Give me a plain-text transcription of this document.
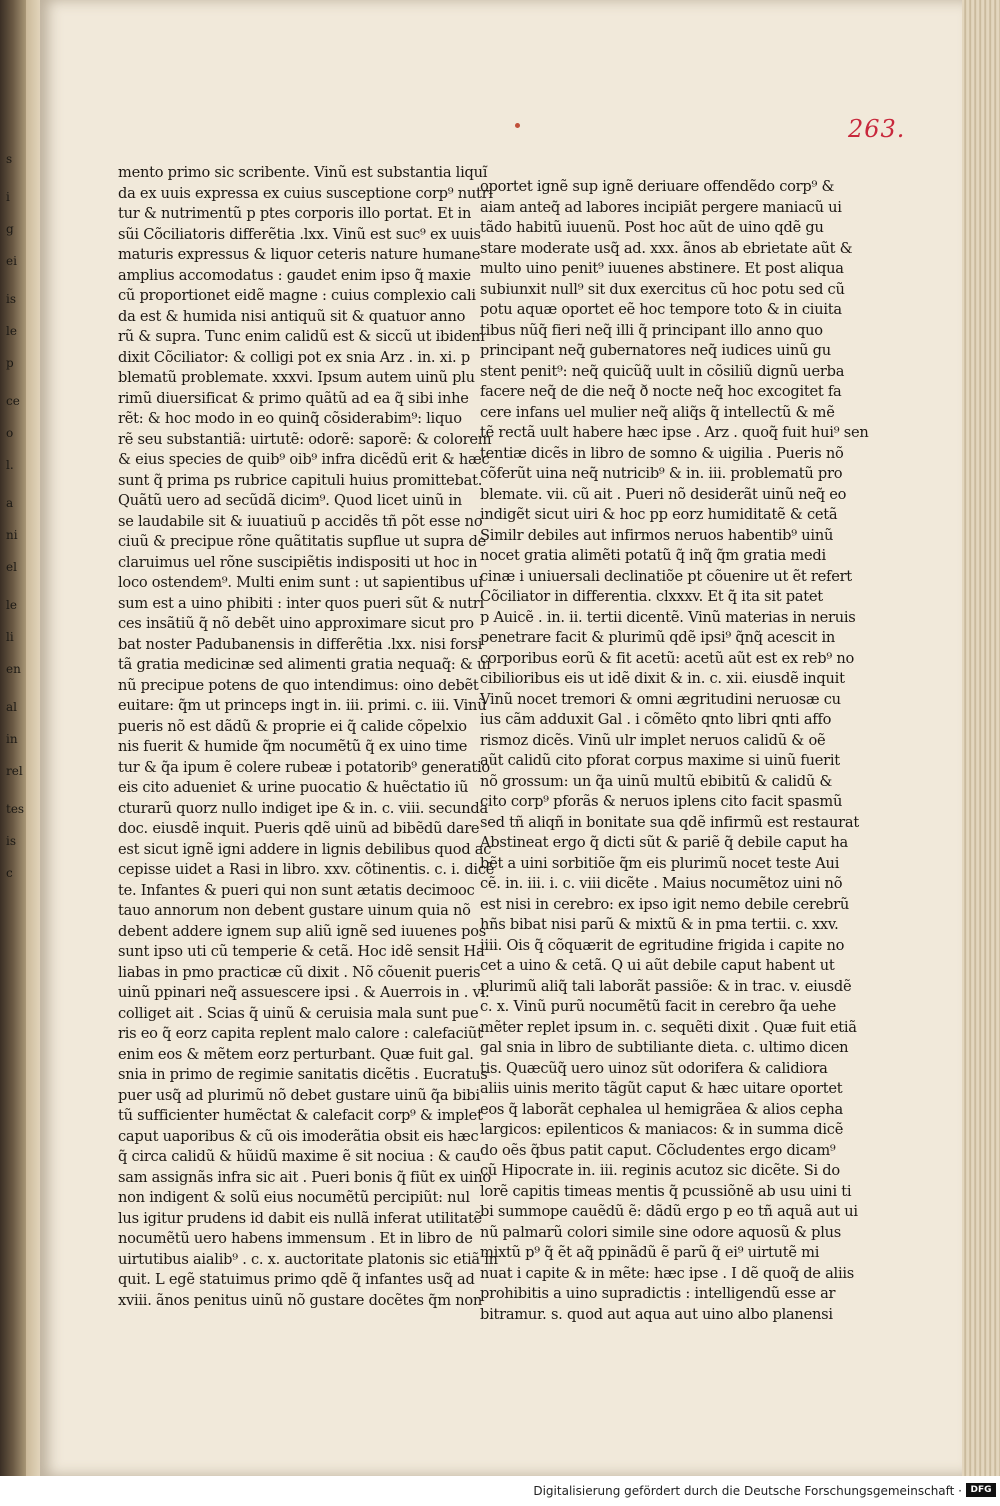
s
i
g
ei
is
le
p
ce
o
l.
a
ni
el
le
li
en
al
in
rel
tes
is
c
263.
mento primo sic scribente. Vinũ est substantia liquĩ
da ex uuis expressa ex cuius susceptione corp⁹ nutri
tur & nutrimentũ p ptes corporis illo portat. Et in
sũi Cõciliatoris differẽtia .lxx. Vinũ est suc⁹ ex uuis
maturis expressus & liquor ceteris nature humane
amplius accomodatus : gaudet enim ipso q̃ maxie
cũ proportionet eidẽ magne : cuius complexio cali
da est & humida nisi antiquũ sit & quatuor anno
rũ & supra. Tunc enim calidũ est & siccũ ut ibidem
dixit Cõciliator: & colligi pot ex snia Arz . in. xi. p
blematũ problemate. xxxvi. Ipsum autem uinũ plu
rimũ diuersificat & primo quãtũ ad ea q̃ sibi inhe
rẽt: & hoc modo in eo quinq̃ cõsiderabim⁹: liquo
rẽ seu substantiã: uirtutẽ: odorẽ: saporẽ: & colorem
& eius species de quib⁹ oib⁹ infra dicẽdũ erit & hæc
sunt q̃ prima ps rubrice capituli huius promittebat.
Quãtũ uero ad secũdã dicim⁹. Quod licet uinũ in
se laudabile sit & iuuatiuũ p accidẽs tñ põt esse no
ciuũ & precipue rõne quãtitatis supflue ut supra de
claruimus uel rõne suscipiẽtis indispositi ut hoc in
loco ostendem⁹. Multi enim sunt : ut sapientibus ui
sum est a uino phibiti : inter quos pueri sũt & nutri
ces insãtiũ q̃ nõ debẽt uino approximare sicut pro
bat noster Padubanensis in differẽtia .lxx. nisi forsi
tã gratia medicinæ sed alimenti gratia nequaq̃: & ui
nũ precipue potens de quo intendimus: oino debẽt
euitare: q̃m ut princeps ingt in. iii. primi. c. iii. Vinũ
pueris nõ est dãdũ & proprie ei q̃ calide cõpelxio
nis fuerit & humide q̃m nocumẽtũ q̃ ex uino time
tur & q̃a ipum ẽ colere rubeæ i potatorib⁹ generatio
eis cito adueniet & urine puocatio & huẽctatio iũ
cturarũ quorz nullo indiget ipe & in. c. viii. secunda
doc. eiusdẽ inquit. Pueris qdẽ uinũ ad bibẽdũ dare
est sicut ignẽ igni addere in lignis debilibus quod ac
cepisse uidet a Rasi in libro. xxv. cõtinentis. c. i. dicẽ
te. Infantes & pueri qui non sunt ætatis decimooc
tauo annorum non debent gustare uinum quia nõ
debent addere ignem sup aliũ ignẽ sed iuuenes pos
sunt ipso uti cũ temperie & cetã. Hoc idẽ sensit Ha
liabas in pmo practicæ cũ dixit . Nõ cõuenit pueris
uinũ ppinari neq̃ assuescere ipsi . & Auerrois in . vi.
colliget ait . Scias q̃ uinũ & ceruisia mala sunt pue
ris eo q̃ eorz capita replent malo calore : calefaciũt
enim eos & mẽtem eorz perturbant. Quæ fuit gal.
snia in primo de regimie sanitatis dicẽtis . Eucratus
puer usq̃ ad plurimũ nõ debet gustare uinũ q̃a bibi
tũ sufficienter humẽctat & calefacit corp⁹ & implet
caput uaporibus & cũ ois imoderãtia obsit eis hæc
q̃ circa calidũ & hũidũ maxime ẽ sit nociua : & cau
sam assignãs infra sic ait . Pueri bonis q̃ fiũt ex uino
non indigent & solũ eius nocumẽtũ percipiũt: nul
lus igitur prudens id dabit eis nullã inferat utilitatẽ
nocumẽtũ uero habens immensum . Et in libro de
uirtutibus aialib⁹ . c. x. auctoritate platonis sic etiã in
quit. L egẽ statuimus primo qdẽ q̃ infantes usq̃ ad
xviii. ãnos penitus uinũ nõ gustare docẽtes q̃m non
oportet ignẽ sup ignẽ deriuare offendẽdo corp⁹ &
aiam anteq̃ ad labores incipiãt pergere maniacũ ui
tãdo habitũ iuuenũ. Post hoc aũt de uino qdẽ gu
stare moderate usq̃ ad. xxx. ãnos ab ebrietate aũt &
multo uino penit⁹ iuuenes abstinere. Et post aliqua
subiunxit null⁹ sit dux exercitus cũ hoc potu sed cũ
potu aquæ oportet eẽ hoc tempore toto & in ciuita
tibus nũq̃ fieri neq̃ illi q̃ principant illo anno quo
principant neq̃ gubernatores neq̃ iudices uinũ gu
stent penit⁹: neq̃ quicũq̃ uult in cõsiliũ dignũ uerba
facere neq̃ de die neq̃ ð nocte neq̃ hoc excogitet fa
cere infans uel mulier neq̃ aliq̃s q̃ intellectũ & mẽ
tẽ rectã uult habere hæc ipse . Arz . quoq̃ fuit hui⁹ sen
tentiæ dicẽs in libro de somno & uigilia . Pueris nõ
cõferũt uina neq̃ nutricib⁹ & in. iii. problematũ pro
blemate. vii. cũ ait . Pueri nõ desiderãt uinũ neq̃ eo
indigẽt sicut uiri & hoc pp eorz humiditatẽ & cetã
Similr debiles aut infirmos neruos habentib⁹ uinũ
nocet gratia alimẽti potatũ q̃ inq̃ q̃m gratia medi
cinæ i uniuersali declinatiõe pt cõuenire ut ẽt refert
Cõciliator in differentia. clxxxv. Et q̃ ita sit patet
p Auicẽ . in. ii. tertii dicentẽ. Vinũ materias in neruis
penetrare facit & plurimũ qdẽ ipsi⁹ q̃nq̃ acescit in
corporibus eorũ & fit acetũ: acetũ aũt est ex reb⁹ no
cibilioribus eis ut idẽ dixit & in. c. xii. eiusdẽ inquit
Vinũ nocet tremori & omni ægritudini neruosæ cu
ius cãm adduxit Gal . i cõmẽto qnto libri qnti affo
rismoz dicẽs. Vinũ ulr implet neruos calidũ & oẽ
aũt calidũ cito pforat corpus maxime si uinũ fuerit
nõ grossum: un q̃a uinũ multũ ebibitũ & calidũ &
cito corp⁹ pforãs & neruos iplens cito facit spasmũ
sed tñ aliqñ in bonitate sua qdẽ infirmũ est restaurat
Abstineat ergo q̃ dicti sũt & pariẽ q̃ debile caput ha
bẽt a uini sorbitiõe q̃m eis plurimũ nocet teste Aui
cẽ. in. iii. i. c. viii dicẽte . Maius nocumẽtoz uini nõ
est nisi in cerebro: ex ipso igit nemo debile cerebrũ
hñs bibat nisi parũ & mixtũ & in pma tertii. c. xxv.
iiii. Ois q̃ cõquærit de egritudine frigida i capite no
cet a uino & cetã. Q ui aũt debile caput habent ut
plurimũ aliq̃ tali laborãt passiõe: & in trac. v. eiusdẽ
c. x. Vinũ purũ nocumẽtũ facit in cerebro q̃a uehe
mẽter replet ipsum in. c. sequẽti dixit . Quæ fuit etiã
gal snia in libro de subtiliante dieta. c. ultimo dicen
tis. Quæcũq̃ uero uinoz sũt odorifera & calidiora
aliis uinis merito tãgũt caput & hæc uitare oportet
eos q̃ laborãt cephalea ul hemigrãea & alios cepha
largicos: epilenticos & maniacos: & in summa dicẽ
do oẽs q̃bus patit caput. Cõcludentes ergo dicam⁹
cũ Hipocrate in. iii. reginis acutoz sic dicẽte. Si do
lorẽ capitis timeas mentis q̃ pcussiõnẽ ab usu uini ti
bi summope cauẽdũ ẽ: dãdũ ergo p eo tñ aquã aut ui
nũ palmarũ colori simile sine odore aquosũ & plus
mixtũ p⁹ q̃ ẽt aq̃ ppinãdũ ẽ parũ q̃ ei⁹ uirtutẽ mi
nuat i capite & in mẽte: hæc ipse . I dẽ quoq̃ de aliis
prohibitis a uino supradictis : intelligendũ esse ar
bitramur. s. quod aut aqua aut uino albo planensi
Digitalisierung gefördert durch die Deutsche Forschungsgemeinschaft · DFG
